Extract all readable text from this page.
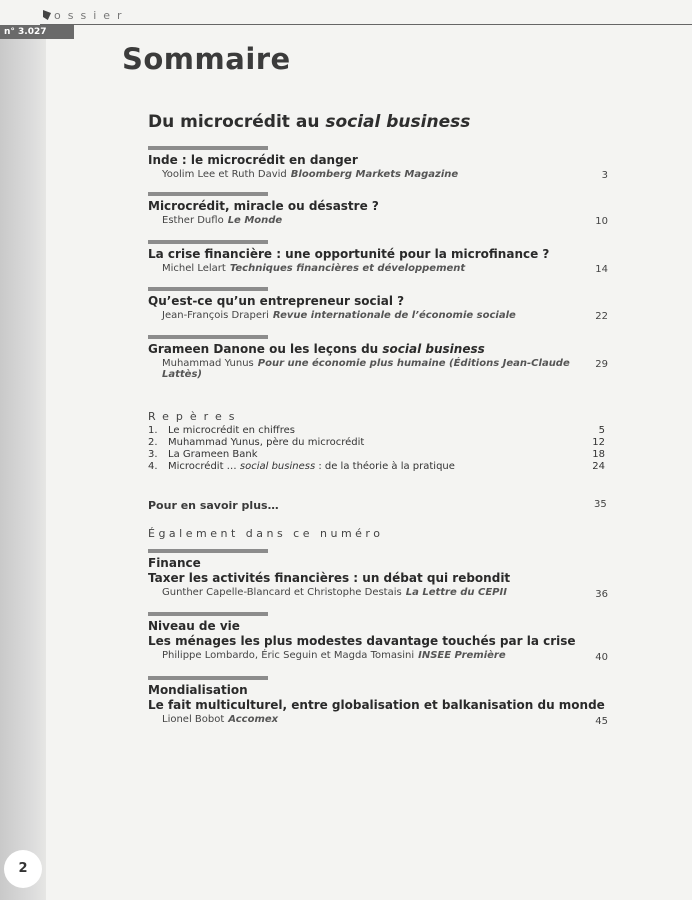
ossier
n° 3.027
2
Sommaire
Du microcrédit au social business
Inde : le microcrédit en danger
Yoolim Lee et Ruth David Bloomberg Markets Magazine	3
Microcrédit, miracle ou désastre ?
Esther Duflo Le Monde	10
La crise financière : une opportunité pour la microfinance ?
Michel Lelart Techniques financières et développement	14
Qu’est-ce qu’un entrepreneur social ?
Jean-François Draperi Revue internationale de l’économie sociale	22
Grameen Danone ou les leçons du social business
Muhammad Yunus Pour une économie plus humaine (Éditions Jean-Claude Lattès)
29
Repères
1. Le microcrédit en chiffres	5
2. Muhammad Yunus, père du microcrédit	12
3. La Grameen Bank	18
4. Microcrédit … social business : de la théorie à la pratique	24
Pour en savoir plus…	35
Également dans ce numéro
Finance
Taxer les activités financières : un débat qui rebondit
Gunther Capelle-Blancard et Christophe Destais La Lettre du CEPII	36
Niveau de vie
Les ménages les plus modestes davantage touchés par la crise
Philippe Lombardo, Éric Seguin et Magda Tomasini INSEE Première	40
Mondialisation
Le fait multiculturel, entre globalisation et balkanisation du monde
Lionel Bobot Accomex	45
